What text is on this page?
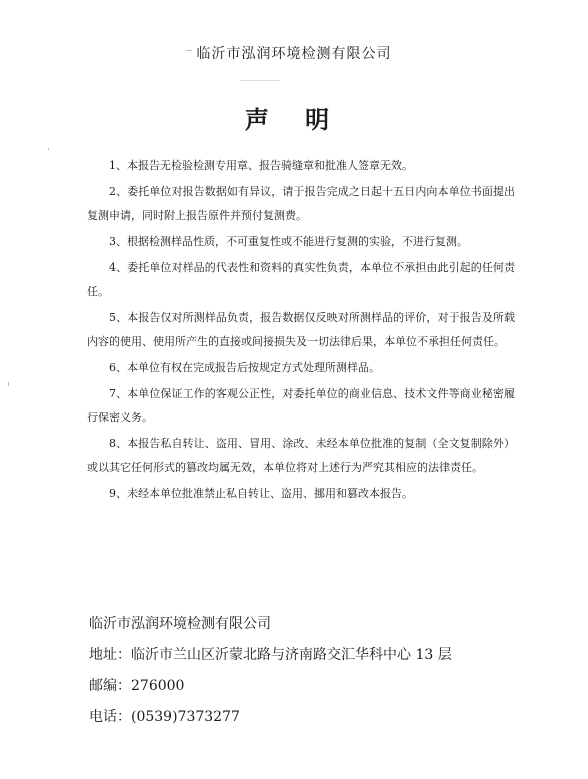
临沂市泓润环境检测有限公司
声 明

1、本报告无检验检测专用章、报告骑缝章和批准人签章无效。

2、委托单位对报告数据如有异议，请于报告完成之日起十五日内向本单位书面提出复测申请，同时附上报告原件并预付复测费。

3、根据检测样品性质，不可重复性或不能进行复测的实验，不进行复测。

4、委托单位对样品的代表性和资料的真实性负责，本单位不承担由此引起的任何责任。

5、本报告仅对所测样品负责，报告数据仅反映对所测样品的评价，对于报告及所载内容的使用、使用所产生的直接或间接损失及一切法律后果，本单位不承担任何责任。

6、本单位有权在完成报告后按规定方式处理所测样品。

7、本单位保证工作的客观公正性，对委托单位的商业信息、技术文件等商业秘密履行保密义务。

8、本报告私自转让、盗用、冒用、涂改、未经本单位批准的复制（全文复制除外）或以其它任何形式的篡改均属无效，本单位将对上述行为严究其相应的法律责任。

9、未经本单位批准禁止私自转让、盗用、挪用和篡改本报告。

临沂市泓润环境检测有限公司

地址：临沂市兰山区沂蒙北路与济南路交汇华科中心 13 层

邮编：276000

电话：(0539)7373277
